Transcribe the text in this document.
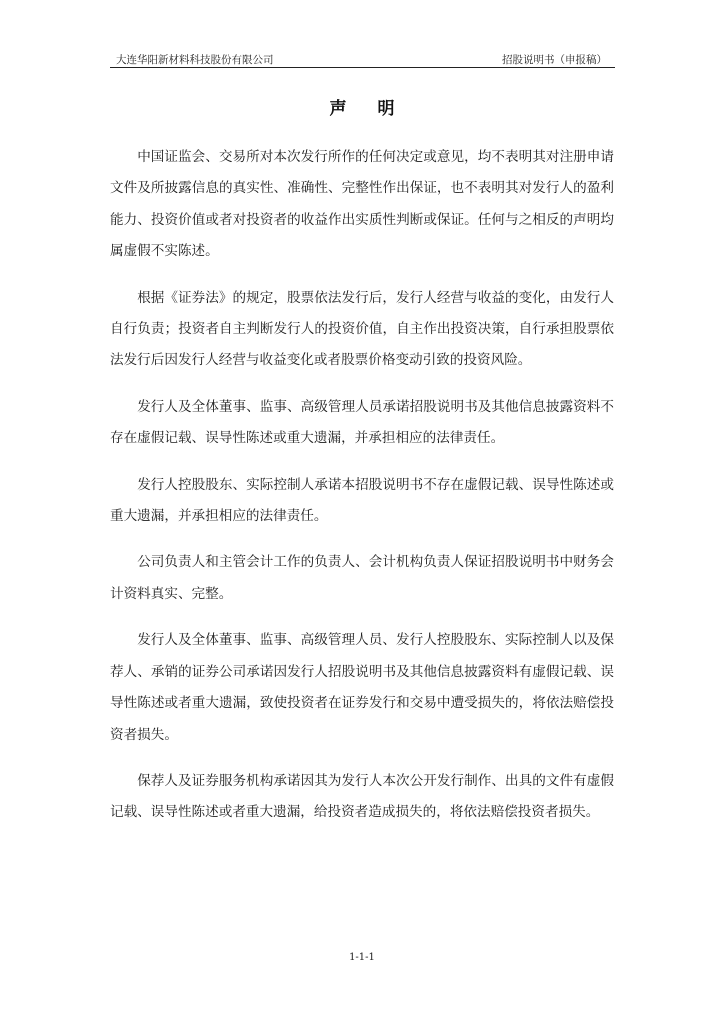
大连华阳新材料科技股份有限公司	招股说明书（申报稿）
声明

中国证监会、交易所对本次发行所作的任何决定或意见，均不表明其对注册申请文件及所披露信息的真实性、准确性、完整性作出保证，也不表明其对发行人的盈利能力、投资价值或者对投资者的收益作出实质性判断或保证。任何与之相反的声明均属虚假不实陈述。

根据《证券法》的规定，股票依法发行后，发行人经营与收益的变化，由发行人自行负责；投资者自主判断发行人的投资价值，自主作出投资决策，自行承担股票依法发行后因发行人经营与收益变化或者股票价格变动引致的投资风险。

发行人及全体董事、监事、高级管理人员承诺招股说明书及其他信息披露资料不存在虚假记载、误导性陈述或重大遗漏，并承担相应的法律责任。

发行人控股股东、实际控制人承诺本招股说明书不存在虚假记载、误导性陈述或重大遗漏，并承担相应的法律责任。

公司负责人和主管会计工作的负责人、会计机构负责人保证招股说明书中财务会计资料真实、完整。

发行人及全体董事、监事、高级管理人员、发行人控股股东、实际控制人以及保荐人、承销的证券公司承诺因发行人招股说明书及其他信息披露资料有虚假记载、误导性陈述或者重大遗漏，致使投资者在证券发行和交易中遭受损失的，将依法赔偿投资者损失。

保荐人及证券服务机构承诺因其为发行人本次公开发行制作、出具的文件有虚假记载、误导性陈述或者重大遗漏，给投资者造成损失的，将依法赔偿投资者损失。

1-1-1
